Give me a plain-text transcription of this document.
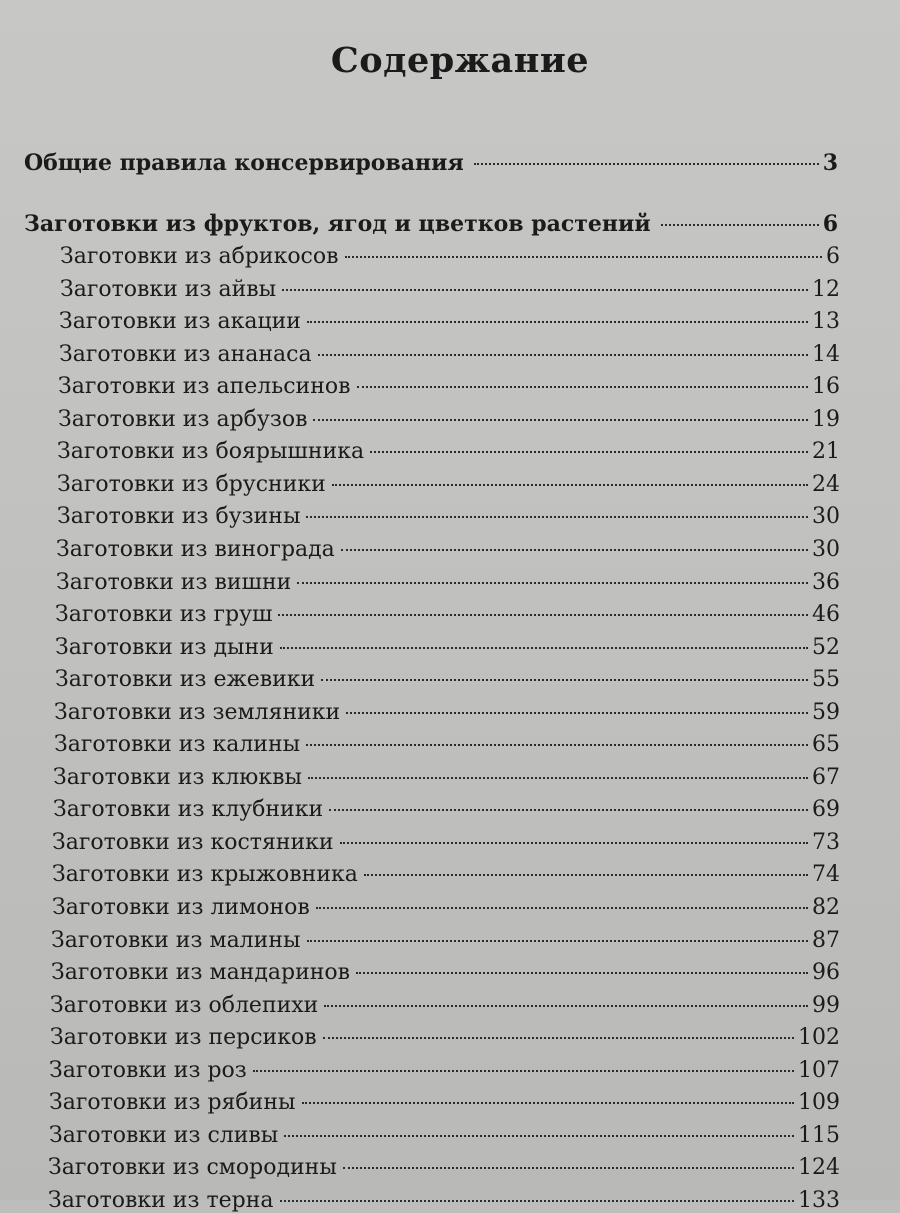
Содержание
Общие правила консервирования	3
Заготовки из фруктов, ягод и цветков растений	6
Заготовки из абрикосов	6
Заготовки из айвы	12
Заготовки из акации	13
Заготовки из ананаса	14
Заготовки из апельсинов	16
Заготовки из арбузов	19
Заготовки из боярышника	21
Заготовки из брусники	24
Заготовки из бузины	30
Заготовки из винограда	30
Заготовки из вишни	36
Заготовки из груш	46
Заготовки из дыни	52
Заготовки из ежевики	55
Заготовки из земляники	59
Заготовки из калины	65
Заготовки из клюквы	67
Заготовки из клубники	69
Заготовки из костяники	73
Заготовки из крыжовника	74
Заготовки из лимонов	82
Заготовки из малины	87
Заготовки из мандаринов	96
Заготовки из облепихи	99
Заготовки из персиков	102
Заготовки из роз	107
Заготовки из рябины	109
Заготовки из сливы	115
Заготовки из смородины	124
Заготовки из терна	133
